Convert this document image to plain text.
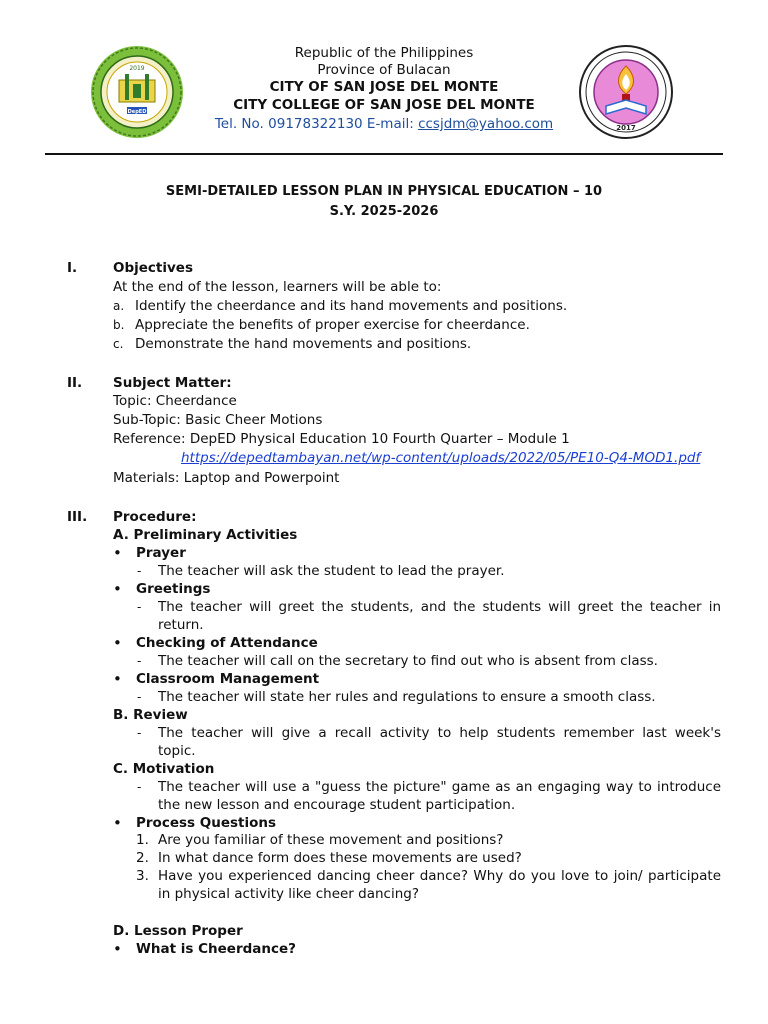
2019
DepED
2017
Republic of the Philippines
Province of Bulacan
CITY OF SAN JOSE DEL MONTE
CITY COLLEGE OF SAN JOSE DEL MONTE
Tel. No. 09178322130 E-mail: ccsjdm@yahoo.com
SEMI-DETAILED LESSON PLAN IN PHYSICAL EDUCATION – 10
S.Y. 2025-2026
I.	Objectives
At the end of the lesson, learners will be able to:
a. Identify the cheerdance and its hand movements and positions.
b. Appreciate the benefits of proper exercise for cheerdance.
c. Demonstrate the hand movements and positions.
II. Subject Matter:
Topic: Cheerdance
Sub-Topic: Basic Cheer Motions
Reference: DepED Physical Education 10 Fourth Quarter – Module 1
https://depedtambayan.net/wp-content/uploads/2022/05/PE10-Q4-MOD1.pdf
Materials: Laptop and Powerpoint
III. Procedure:
A. Preliminary Activities
• Prayer
- The teacher will ask the student to lead the prayer.
• Greetings
- The teacher will greet the students, and the students will greet the teacher in
return.
• Checking of Attendance
- The teacher will call on the secretary to find out who is absent from class.
• Classroom Management
- The teacher will state her rules and regulations to ensure a smooth class.
B. Review
- The teacher will give a recall activity to help students remember last week's
topic.
C. Motivation
- The teacher will use a "guess the picture" game as an engaging way to introduce
the new lesson and encourage student participation.
• Process Questions
1. Are you familiar of these movement and positions?
2. In what dance form does these movements are used?
3. Have you experienced dancing cheer dance? Why do you love to join/ participate
in physical activity like cheer dancing?
D. Lesson Proper
• What is Cheerdance?
